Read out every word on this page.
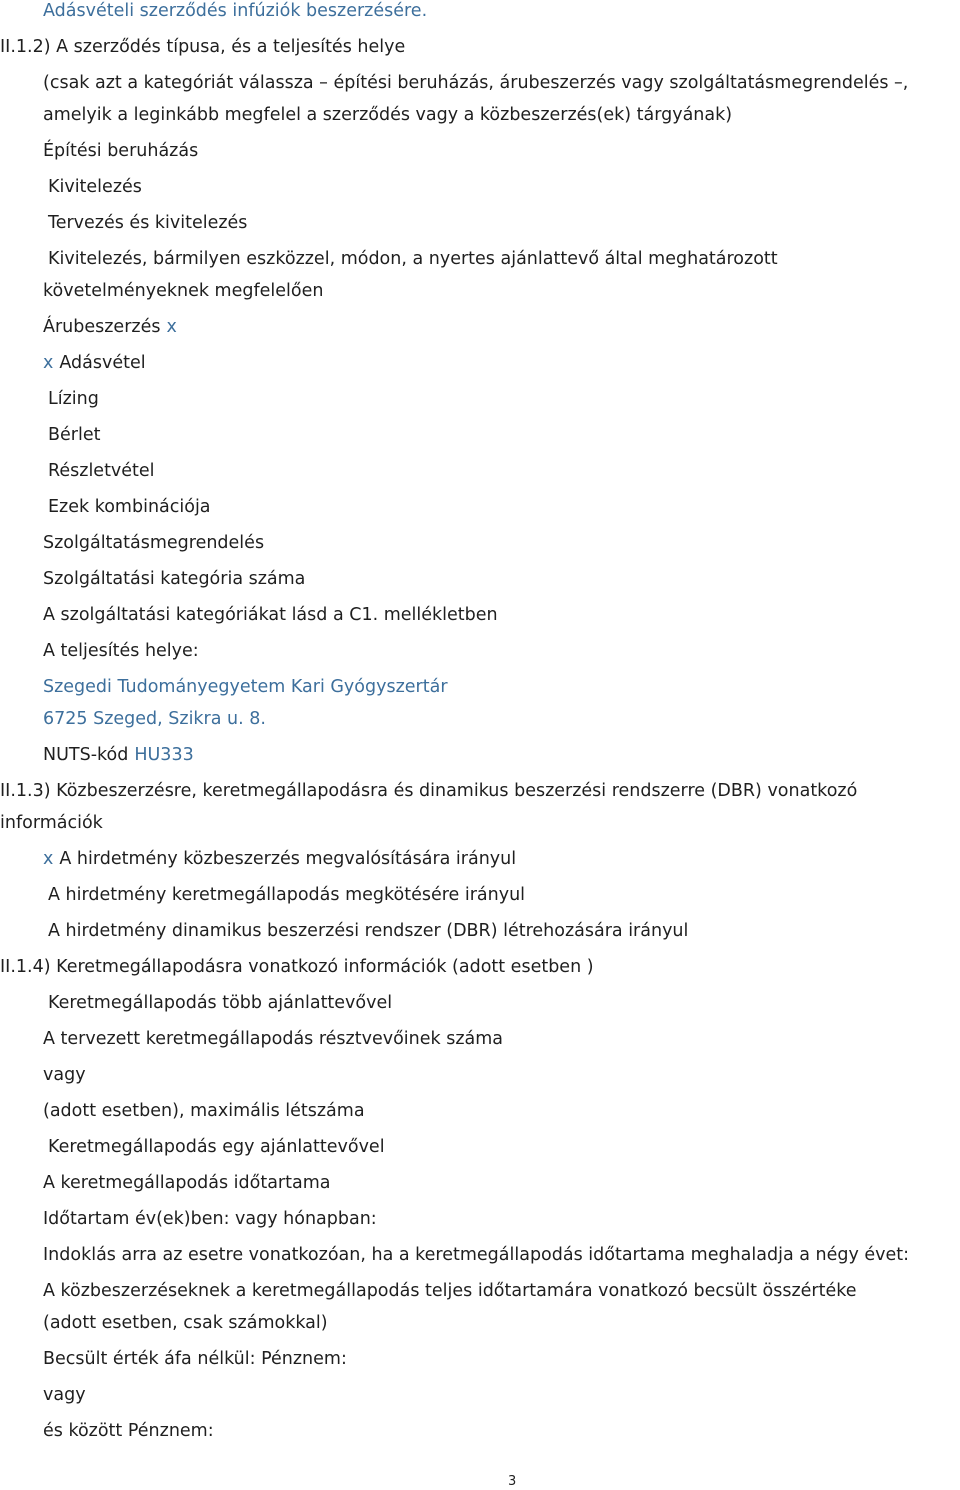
Adásvételi szerződés infúziók beszerzésére.
II.1.2) A szerződés típusa, és a teljesítés helye
(csak azt a kategóriát válassza – építési beruházás, árubeszerzés vagy szolgáltatásmegrendelés –,
amelyik a leginkább megfelel a szerződés vagy a közbeszerzés(ek) tárgyának)
Építési beruházás
Kivitelezés
Tervezés és kivitelezés
Kivitelezés, bármilyen eszközzel, módon, a nyertes ajánlattevő által meghatározott
követelményeknek megfelelően
Árubeszerzés x
x Adásvétel
Lízing
Bérlet
Részletvétel
Ezek kombinációja
Szolgáltatásmegrendelés
Szolgáltatási kategória száma
A szolgáltatási kategóriákat lásd a C1. mellékletben
A teljesítés helye:
Szegedi Tudományegyetem Kari Gyógyszertár
6725 Szeged, Szikra u. 8.
NUTS-kód HU333
II.1.3) Közbeszerzésre, keretmegállapodásra és dinamikus beszerzési rendszerre (DBR) vonatkozó
információk
x A hirdetmény közbeszerzés megvalósítására irányul
A hirdetmény keretmegállapodás megkötésére irányul
A hirdetmény dinamikus beszerzési rendszer (DBR) létrehozására irányul
II.1.4) Keretmegállapodásra vonatkozó információk (adott esetben )
Keretmegállapodás több ajánlattevővel
A tervezett keretmegállapodás résztvevőinek száma
vagy
(adott esetben), maximális létszáma
Keretmegállapodás egy ajánlattevővel
A keretmegállapodás időtartama
Időtartam év(ek)ben: vagy hónapban:
Indoklás arra az esetre vonatkozóan, ha a keretmegállapodás időtartama meghaladja a négy évet:
A közbeszerzéseknek a keretmegállapodás teljes időtartamára vonatkozó becsült összértéke
(adott esetben, csak számokkal)
Becsült érték áfa nélkül: Pénznem:
vagy
és között Pénznem:
3
